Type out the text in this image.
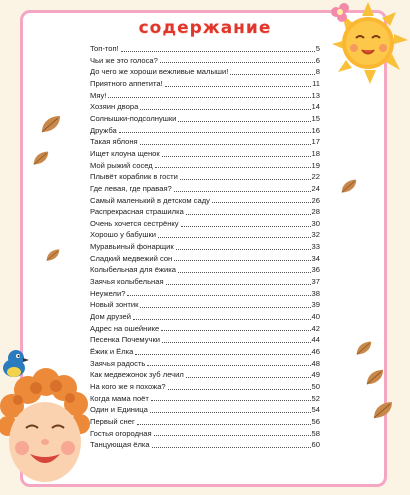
содержание
Топ-топ!	5
Чьи же это голоса?	6
До чего же хороши вежливые малыши!	8
Приятного аппетита!	11
Мяу!	13
Хозяин двора	14
Солнышки-подсолнушки	15
Дружба	16
Такая яблоня	17
Ищет клоуна щенок	18
Мой рыжий сосед	19
Плывёт кораблик в гости	22
Где левая, где правая?	24
Самый маленький в детском саду	26
Распрекрасная страшилка	28
Очень хочется сестрёнку	30
Хорошо у бабушки	32
Муравьиный фонарщик	33
Сладкий медвежий сон	34
Колыбельная для ёжика	36
Заячья колыбельная	37
Неужели?	38
Новый зонтик	39
Дом друзей	40
Адрес на ошейнике	42
Песенка Почемучки	44
Ёжик и Ёлка	46
Заячья радость	48
Как медвежонок зуб лечил	49
На кого же я похожа?	50
Когда мама поёт	52
Один и Единица	54
Первый снег	56
Гостья огородная	58
Танцующая ёлка	60
